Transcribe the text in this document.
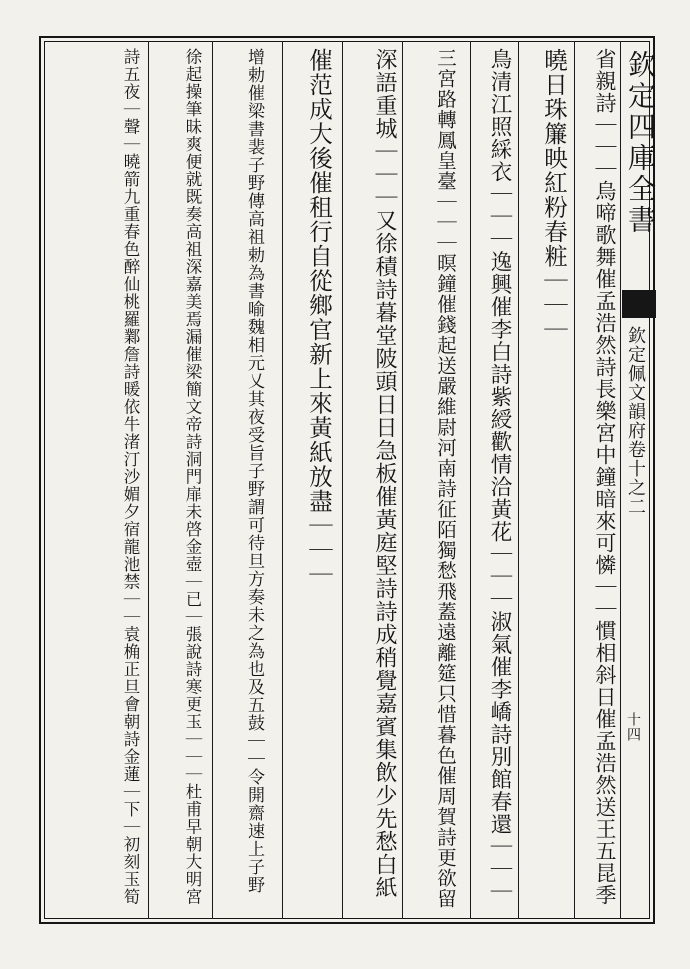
欽定四庫全書
欽定佩文韻府卷十之二
十四
省親詩｜｜｜烏啼歌舞催孟浩然詩長樂宮中鐘暗來可憐｜｜慣相斜日催孟浩然送王五昆季
曉日珠簾映紅粉春粧｜｜｜
鳥清江照綵衣｜｜｜逸興催李白詩紫綬歡情洽黃花｜｜｜淑氣催李嶠詩別館春還｜｜｜
三宮路轉鳳皇臺｜｜｜暝鐘催錢起送嚴維尉河南詩征陌獨愁飛蓋遠離筵只惜暮色催周賀詩更欲留
深語重城｜｜｜又徐積詩暮堂陂頭日日急板催黃庭堅詩詩成稍覺嘉賓集飲少先愁白紙
催范成大後催租行自從鄉官新上來黃紙放盡｜｜｜
增勅催梁書裴子野傳高祖勅為書喻魏相元乂其夜受旨子野謂可待旦方奏未之為也及五鼓｜｜令開齋速上子野
徐起操筆昧爽便就既奏高祖深嘉美焉漏催梁簡文帝詩洞門扉未啓金壺｜已｜張說詩寒更玉｜｜｜杜甫早朝大明宮
詩五夜｜聲｜曉箭九重春色醉仙桃羅鄴詹詩暖依牛渚汀沙媚夕宿龍池禁｜｜袁桷正旦會朝詩金蓮｜下｜初刻玉筍
